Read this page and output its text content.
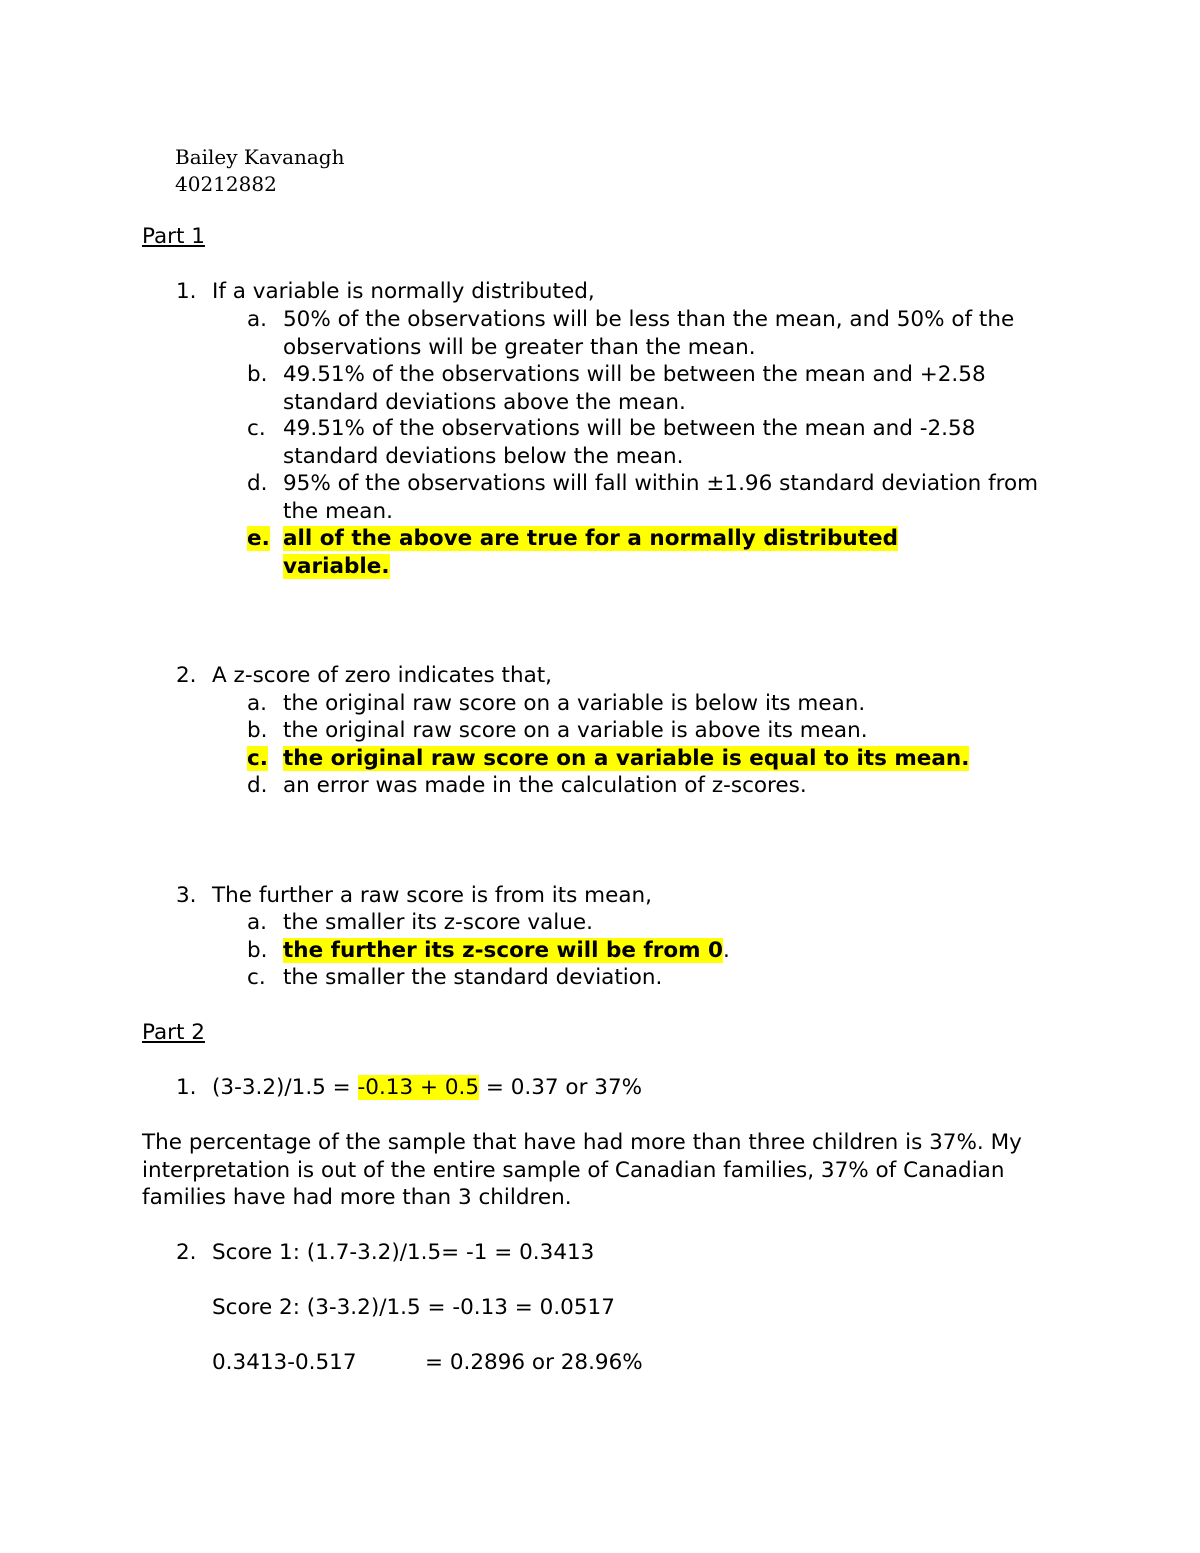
Bailey Kavanagh
40212882
Part 1
1. If a variable is normally distributed,
a. 50% of the observations will be less than the mean, and 50% of the observations will be greater than the mean.
b. 49.51% of the observations will be between the mean and +2.58 standard deviations above the mean.
c. 49.51% of the observations will be between the mean and -2.58 standard deviations below the mean.
d. 95% of the observations will fall within ±1.96 standard deviation from the mean.
e. all of the above are true for a normally distributed variable.
2. A z-score of zero indicates that,
a. the original raw score on a variable is below its mean.
b. the original raw score on a variable is above its mean.
c. the original raw score on a variable is equal to its mean.
d. an error was made in the calculation of z-scores.
3. The further a raw score is from its mean,
a. the smaller its z-score value.
b. the further its z-score will be from 0.
c. the smaller the standard deviation.
Part 2
1. (3-3.2)/1.5 = -0.13 + 0.5 = 0.37 or 37%
The percentage of the sample that have had more than three children is 37%. My interpretation is out of the entire sample of Canadian families, 37% of Canadian families have had more than 3 children.
2. Score 1: (1.7-3.2)/1.5= -1 = 0.3413
Score 2: (3-3.2)/1.5 = -0.13 = 0.0517
0.3413-0.517	= 0.2896 or 28.96%
